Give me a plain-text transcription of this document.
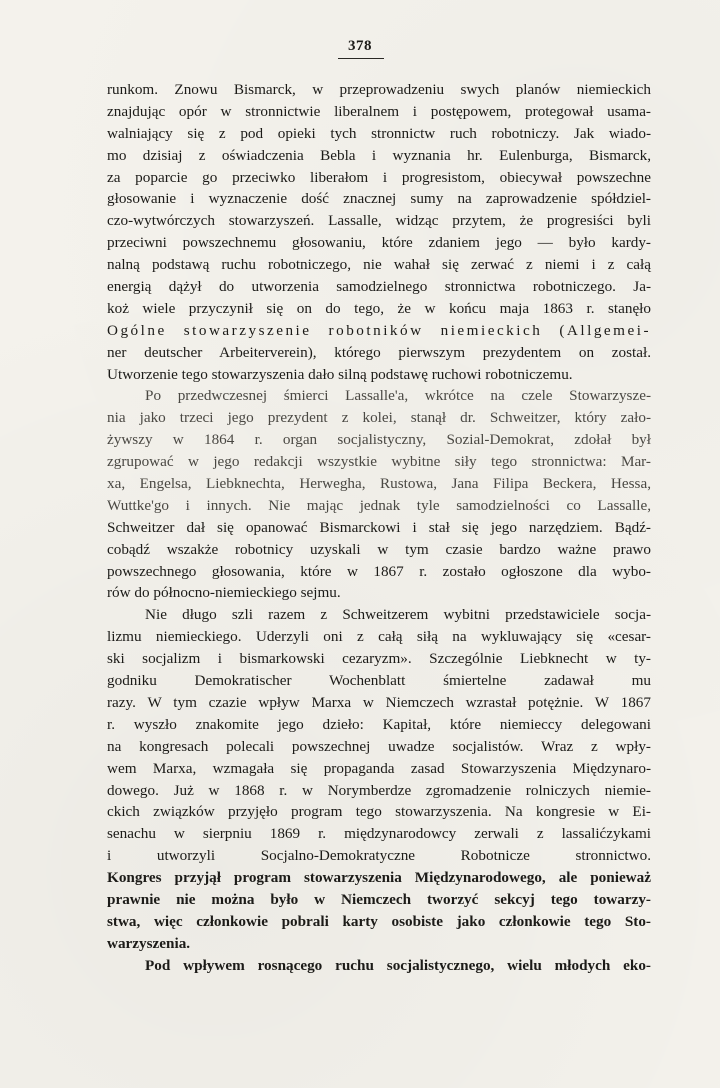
378
runkom. Znowu Bismarck, w przeprowadzeniu swych planów niemieckich
znajdując opór w stronnictwie liberalnem i postępowem, protegował usama-
walniający się z pod opieki tych stronnictw ruch robotniczy. Jak wiado-
mo dzisiaj z oświadczenia Bebla i wyznania hr. Eulenburga, Bismarck,
za poparcie go przeciwko liberałom i progresistom, obiecywał powszechne
głosowanie i wyznaczenie dość znacznej sumy na zaprowadzenie spółdziel-
czo-wytwórczych stowarzyszeń. Lassalle, widząc przytem, że progresiści byli
przeciwni powszechnemu głosowaniu, które zdaniem jego — było kardy-
nalną podstawą ruchu robotniczego, nie wahał się zerwać z niemi i z całą
energią dążył do utworzenia samodzielnego stronnictwa robotniczego. Ja-
koż wiele przyczynił się on do tego, że w końcu maja 1863 r. stanęło
Ogólne stowarzyszenie robotników niemieckich (Allgemei-
ner deutscher Arbeiterverein), którego pierwszym prezydentem on został.
Utworzenie tego stowarzyszenia dało silną podstawę ruchowi robotniczemu.
Po przedwczesnej śmierci Lassalle'a, wkrótce na czele Stowarzysze-
nia jako trzeci jego prezydent z kolei, stanął dr. Schweitzer, który zało-
żywszy w 1864 r. organ socjalistyczny, Sozial-Demokrat, zdołał był
zgrupować w jego redakcji wszystkie wybitne siły tego stronnictwa: Mar-
xa, Engelsa, Liebknechta, Herwegha, Rustowa, Jana Filipa Beckera, Hessa,
Wuttke'go i innych. Nie mając jednak tyle samodzielności co Lassalle,
Schweitzer dał się opanować Bismarckowi i stał się jego narzędziem. Bądź-
cobądź wszakże robotnicy uzyskali w tym czasie bardzo ważne prawo
powszechnego głosowania, które w 1867 r. zostało ogłoszone dla wybo-
rów do północno-niemieckiego sejmu.
Nie długo szli razem z Schweitzerem wybitni przedstawiciele socja-
lizmu niemieckiego. Uderzyli oni z całą siłą na wykluwający się «cesar-
ski socjalizm i bismarkowski cezaryzm». Szczególnie Liebknecht w ty-
godniku Demokratischer Wochenblatt śmiertelne zadawał mu
razy. W tym czazie wpływ Marxa w Niemczech wzrastał potężnie. W 1867
r. wyszło znakomite jego dzieło: Kapitał, które niemieccy delegowani
na kongresach polecali powszechnej uwadze socjalistów. Wraz z wpły-
wem Marxa, wzmagała się propaganda zasad Stowarzyszenia Międzynaro-
dowego. Już w 1868 r. w Norymberdze zgromadzenie rolniczych niemie-
ckich związków przyjęło program tego stowarzyszenia. Na kongresie w Ei-
senachu w sierpniu 1869 r. międzynarodowcy zerwali z lassalićzykami
i utworzyli Socjalno-Demokratyczne Robotnicze stronnictwo.
Kongres przyjął program stowarzyszenia Międzynarodowego, ale ponieważ
prawnie nie można było w Niemczech tworzyć sekcyj tego towarzy-
stwa, więc członkowie pobrali karty osobiste jako członkowie tego Sto-
warzyszenia.
Pod wpływem rosnącego ruchu socjalistycznego, wielu młodych eko-
